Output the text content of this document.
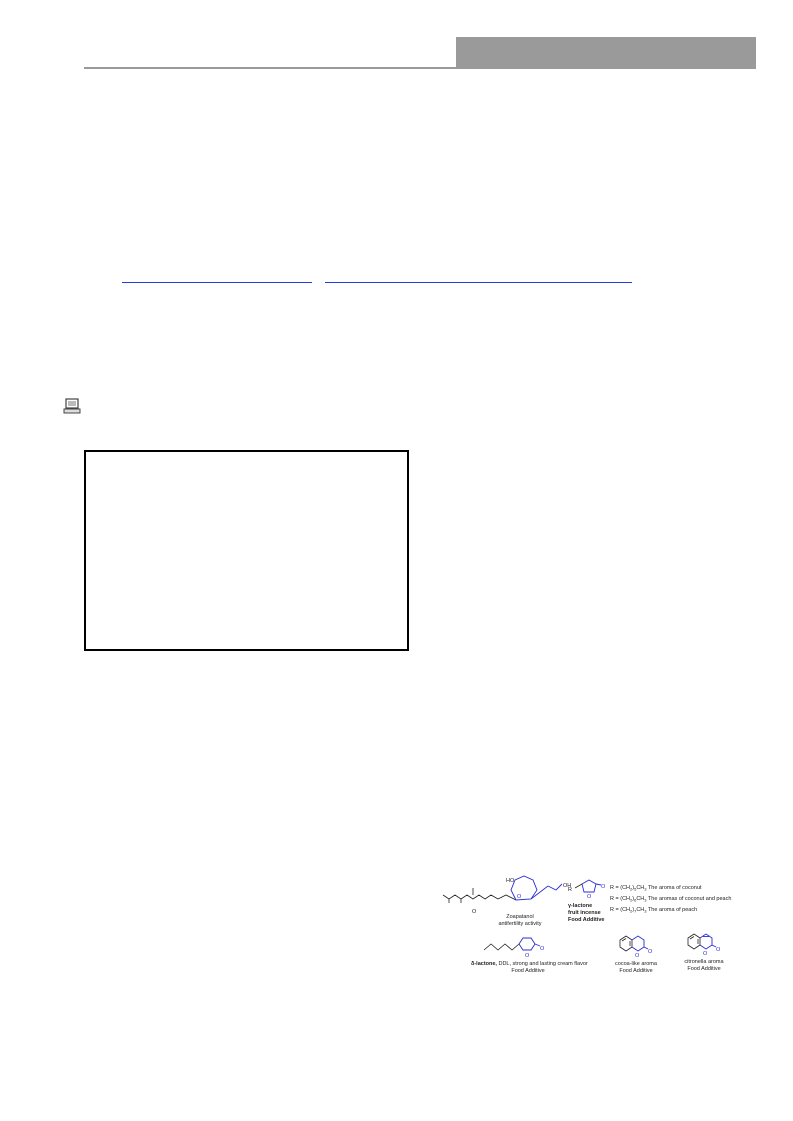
HO
OH
O
O
Zoapatanol
antifertility activity
R
O
O
γ-lactone
fruit incense
Food Additive
$R = (CH_2)_5CH_3$ The aroma of coconut
$R = (CH_2)_6CH_3$ The aromas of coconut and peach
$R = (CH_2)_7CH_3$ The aroma of peach
O
O
δ-lactone, DDL, strong and lasting cream flavor
Food Additive
O
O
cocoa-like aroma
Food Additive
O
O
citronella aroma
Food Additive
